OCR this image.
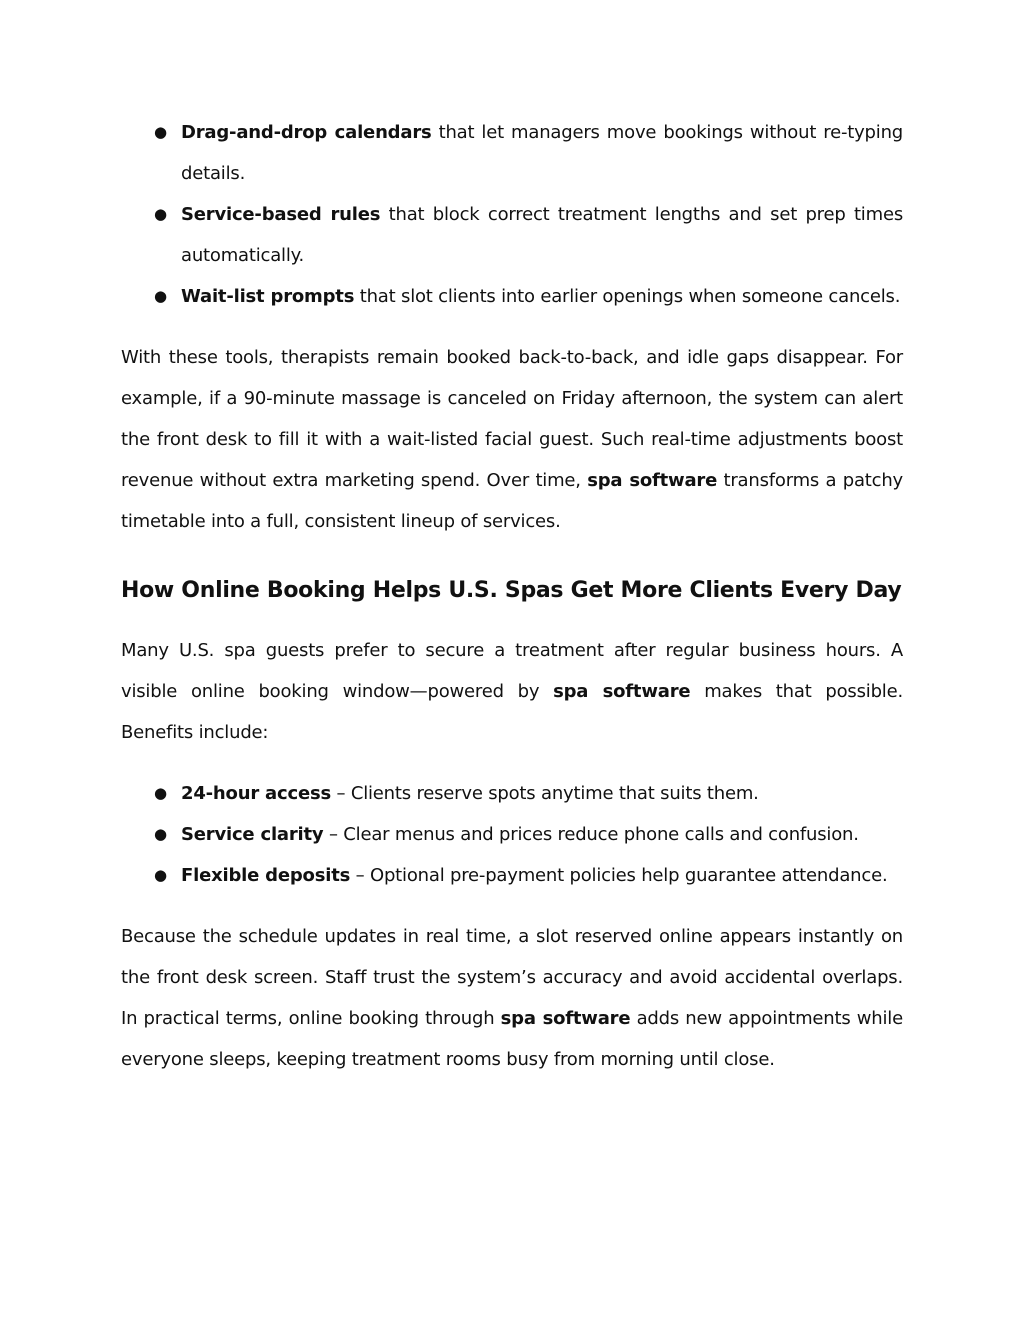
● Drag-and-drop calendars that let managers move bookings without re-typing details.
● Service-based rules that block correct treatment lengths and set prep times automatically.
● Wait-list prompts that slot clients into earlier openings when someone cancels.

With these tools, therapists remain booked back-to-back, and idle gaps disappear. For example, if a 90-minute massage is canceled on Friday afternoon, the system can alert the front desk to fill it with a wait-listed facial guest. Such real-time adjustments boost revenue without extra marketing spend. Over time, spa software transforms a patchy timetable into a full, consistent lineup of services.

How Online Booking Helps U.S. Spas Get More Clients Every Day

Many U.S. spa guests prefer to secure a treatment after regular business hours. A visible online booking window—powered by spa software makes that possible. Benefits include:

● 24-hour access – Clients reserve spots anytime that suits them.
● Service clarity – Clear menus and prices reduce phone calls and confusion.
● Flexible deposits – Optional pre-payment policies help guarantee attendance.

Because the schedule updates in real time, a slot reserved online appears instantly on the front desk screen. Staff trust the system’s accuracy and avoid accidental overlaps. In practical terms, online booking through spa software adds new appointments while everyone sleeps, keeping treatment rooms busy from morning until close.
